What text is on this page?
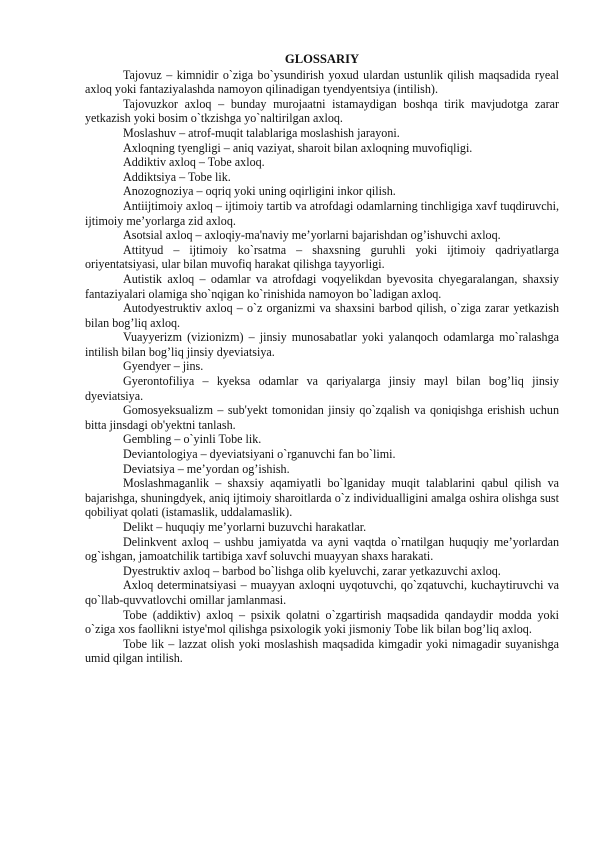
GLOSSARIY

Tajovuz – kimnidir o`ziga bo`ysundirish yoxud ulardan ustunlik qilish maqsadida ryeal axloq yoki fantaziyalashda namoyon qilinadigan tyendyentsiya (intilish).

Tajovuzkor axloq – bunday murojaatni istamaydigan boshqa tirik mavjudotga zarar yetkazish yoki bosim o`tkzishga yo`naltirilgan axloq.

Moslashuv – atrof-muqit talablariga moslashish jarayoni.

Axloqning tyengligi – aniq vaziyat, sharoit bilan axloqning muvofiqligi.

Addiktiv axloq – Tobe axloq.

Addiktsiya – Tobe lik.

Anozognoziya – oqriq yoki uning oqirligini inkor qilish.

Antiijtimoiy axloq – ijtimoiy tartib va atrofdagi odamlarning tinchligiga xavf tuqdiruvchi, ijtimoiy me’yorlarga zid axloq.

Asotsial axloq – axloqiy-ma'naviy me’yorlarni bajarishdan og’ishuvchi axloq.

Attityud – ijtimoiy ko`rsatma – shaxsning guruhli yoki ijtimoiy qadriyatlarga oriyentatsiyasi, ular bilan muvofiq harakat qilishga tayyorligi.

Autistik axloq – odamlar va atrofdagi voqyelikdan byevosita chyegaralangan, shaxsiy fantaziyalari olamiga sho`nqigan ko`rinishida namoyon bo`ladigan axloq.

Autodyestruktiv axloq – o`z organizmi va shaxsini barbod qilish, o`ziga zarar yetkazish bilan bog’liq axloq.

Vuayyerizm (vizionizm) – jinsiy munosabatlar yoki yalanqoch odamlarga mo`ralashga intilish bilan bog’liq jinsiy dyeviatsiya.

Gyendyer – jins.

Gyerontofiliya – kyeksa odamlar va qariyalarga jinsiy mayl bilan bog’liq jinsiy dyeviatsiya.

Gomosyeksualizm – sub'yekt tomonidan jinsiy qo`zqalish va qoniqishga erishish uchun bitta jinsdagi ob'yektni tanlash.

Gembling – o`yinli Tobe lik.

Deviantologiya – dyeviatsiyani o`rganuvchi fan bo`limi.

Deviatsiya – me’yordan og’ishish.

Moslashmaganlik – shaxsiy aqamiyatli bo`lganiday muqit talablarini qabul qilish va bajarishga, shuningdyek, aniq ijtimoiy sharoitlarda o`z individualligini amalga oshira olishga sust qobiliyat qolati (istamaslik, uddalamaslik).

Delikt – huquqiy me’yorlarni buzuvchi harakatlar.

Delinkvent axloq – ushbu jamiyatda va ayni vaqtda o`rnatilgan huquqiy me’yorlardan og`ishgan, jamoatchilik tartibiga xavf soluvchi muayyan shaxs harakati.

Dyestruktiv axloq – barbod bo`lishga olib kyeluvchi, zarar yetkazuvchi axloq.

Axloq determinatsiyasi – muayyan axloqni uyqotuvchi, qo`zqatuvchi, kuchaytiruvchi va qo`llab-quvvatlovchi omillar jamlanmasi.

Tobe (addiktiv) axloq – psixik qolatni o`zgartirish maqsadida qandaydir modda yoki o`ziga xos faollikni istye'mol qilishga psixologik yoki jismoniy Tobe lik bilan bog’liq axloq.

Tobe lik – lazzat olish yoki moslashish maqsadida kimgadir yoki nimagadir suyanishga umid qilgan intilish.
